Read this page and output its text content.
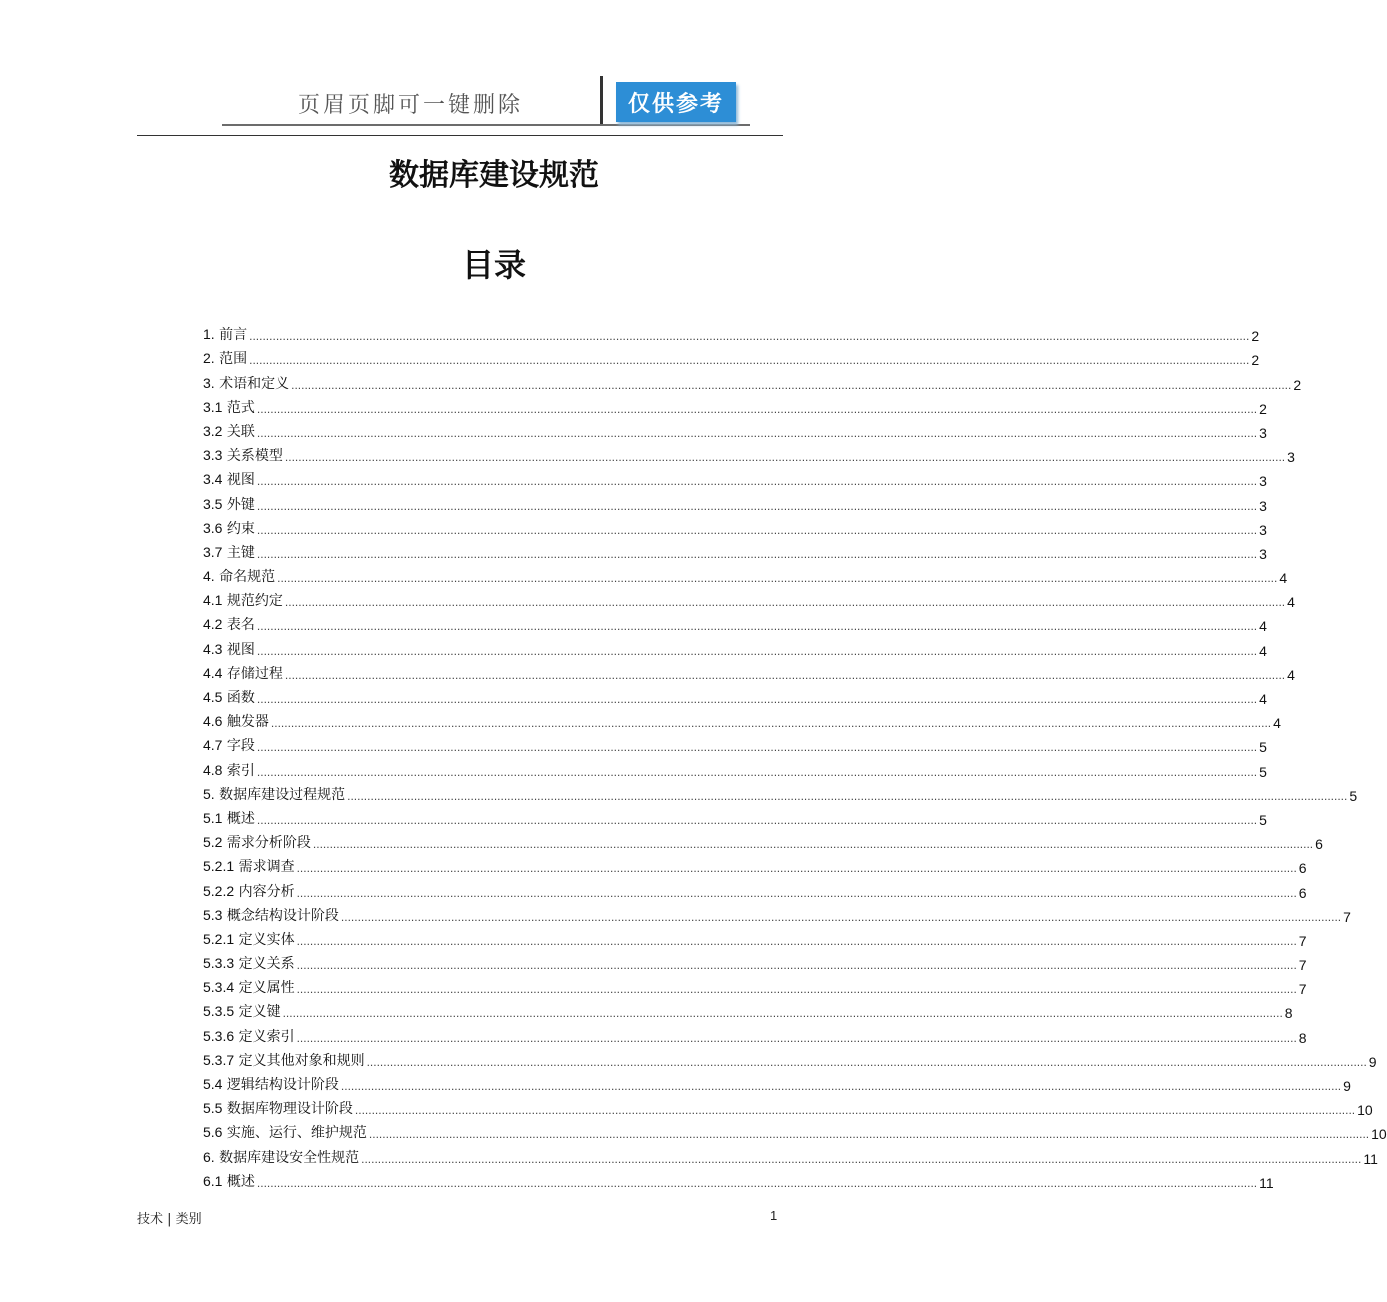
页眉页脚可一键删除	仅供参考
数据库建设规范
目录
1. 前言 ............................................................................................................................................................................................................................................................................................................ 2
2. 范围 ............................................................................................................................................................................................................................................................................................................ 2
3. 术语和定义 ............................................................................................................................................................................................................................................................................................................ 2
3.1 范式 ............................................................................................................................................................................................................................................................................................................ 2
3.2 关联 ............................................................................................................................................................................................................................................................................................................ 3
3.3 关系模型 ............................................................................................................................................................................................................................................................................................................ 3
3.4 视图 ............................................................................................................................................................................................................................................................................................................ 3
3.5 外键 ............................................................................................................................................................................................................................................................................................................ 3
3.6 约束 ............................................................................................................................................................................................................................................................................................................ 3
3.7 主键 ............................................................................................................................................................................................................................................................................................................ 3
4. 命名规范 ............................................................................................................................................................................................................................................................................................................ 4
4.1 规范约定 ............................................................................................................................................................................................................................................................................................................ 4
4.2 表名 ............................................................................................................................................................................................................................................................................................................ 4
4.3 视图 ............................................................................................................................................................................................................................................................................................................ 4
4.4 存储过程 ............................................................................................................................................................................................................................................................................................................ 4
4.5 函数 ............................................................................................................................................................................................................................................................................................................ 4
4.6 触发器 ............................................................................................................................................................................................................................................................................................................ 4
4.7 字段 ............................................................................................................................................................................................................................................................................................................ 5
4.8 索引 ............................................................................................................................................................................................................................................................................................................ 5
5. 数据库建设过程规范 ............................................................................................................................................................................................................................................................................................................ 5
5.1 概述 ............................................................................................................................................................................................................................................................................................................ 5
5.2 需求分析阶段 ............................................................................................................................................................................................................................................................................................................ 6
5.2.1 需求调查 ............................................................................................................................................................................................................................................................................................................ 6
5.2.2 内容分析 ............................................................................................................................................................................................................................................................................................................ 6
5.3 概念结构设计阶段 ............................................................................................................................................................................................................................................................................................................ 7
5.2.1 定义实体 ............................................................................................................................................................................................................................................................................................................ 7
5.3.3 定义关系 ............................................................................................................................................................................................................................................................................................................ 7
5.3.4 定义属性 ............................................................................................................................................................................................................................................................................................................ 7
5.3.5 定义键 ............................................................................................................................................................................................................................................................................................................ 8
5.3.6 定义索引 ............................................................................................................................................................................................................................................................................................................ 8
5.3.7 定义其他对象和规则 ............................................................................................................................................................................................................................................................................................................ 9
5.4 逻辑结构设计阶段 ............................................................................................................................................................................................................................................................................................................ 9
5.5 数据库物理设计阶段 ............................................................................................................................................................................................................................................................................................................ 10
5.6 实施、运行、维护规范 ............................................................................................................................................................................................................................................................................................................ 10
6. 数据库建设安全性规范 ............................................................................................................................................................................................................................................................................................................ 11
6.1 概述 ............................................................................................................................................................................................................................................................................................................ 11
技术 | 类别	1
